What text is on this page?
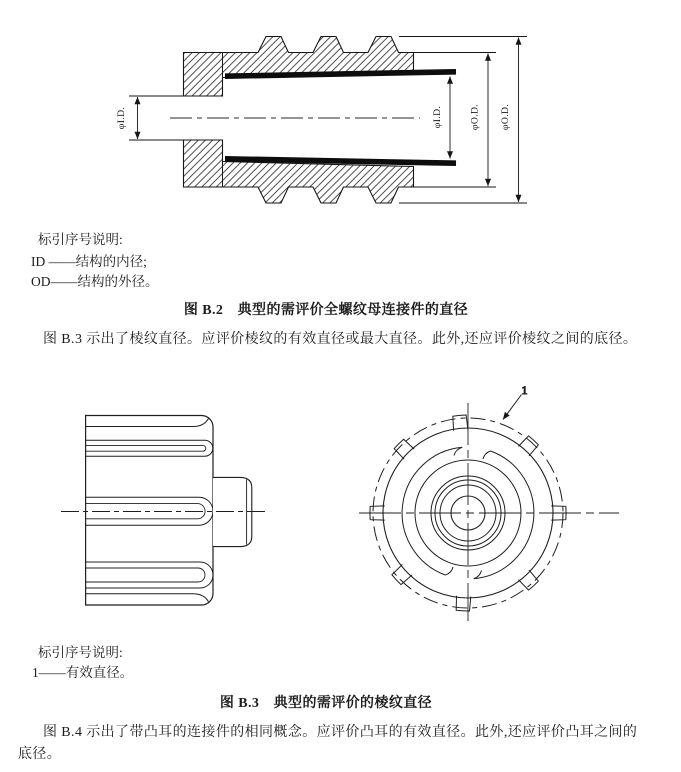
φI.D.	φI.D.	φO.D. φO.D.
标引序号说明:
ID ——结构的内径;
OD——结构的外径。
图 B.2　典型的需评价全螺纹母连接件的直径
图 B.3 示出了棱纹直径。应评价棱纹的有效直径或最大直径。此外,还应评价棱纹之间的底径。
1
标引序号说明:
1——有效直径。
图 B.3　典型的需评价的棱纹直径
图 B.4 示出了带凸耳的连接件的相同概念。应评价凸耳的有效直径。此外,还应评价凸耳之间的
底径。
